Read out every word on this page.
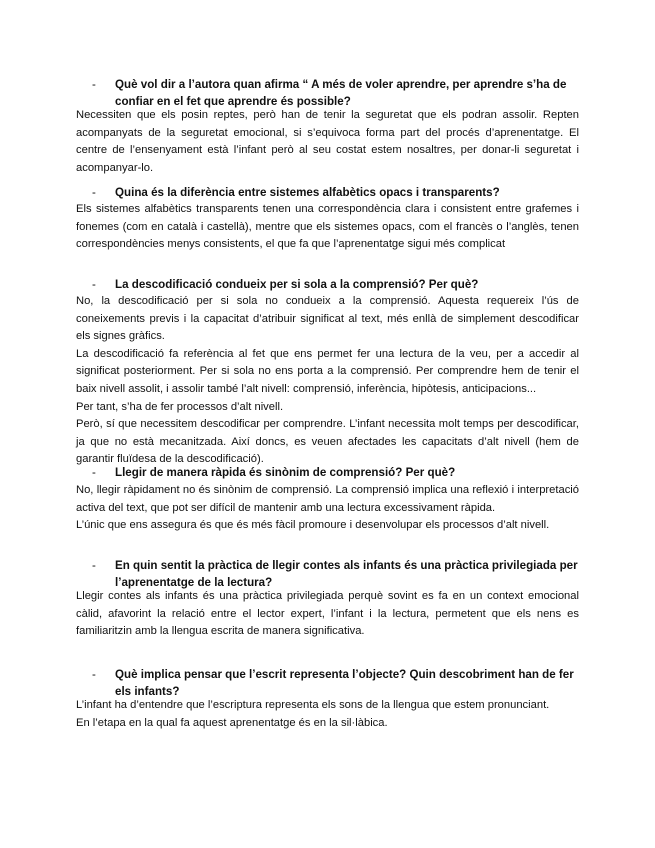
- Què vol dir a l’autora quan afirma “ A més de voler aprendre, per aprendre s’ha de confiar en el fet que aprendre és possible?
Necessiten que els posin reptes, però han de tenir la seguretat que els podran assolir. Repten acompanyats de la seguretat emocional, si s’equivoca forma part del procés d’aprenentatge. El centre de l’ensenyament està l’infant però al seu costat estem nosaltres, per donar-li seguretat i acompanyar-lo.
- Quina és la diferència entre sistemes alfabètics opacs i transparents?
Els sistemes alfabètics transparents tenen una correspondència clara i consistent entre grafemes i fonemes (com en català i castellà), mentre que els sistemes opacs, com el francès o l’anglès, tenen correspondències menys consistents, el que fa que l’aprenentatge sigui més complicat
- La descodificació condueix per si sola a la comprensió? Per què?
No, la descodificació per si sola no condueix a la comprensió. Aquesta requereix l’ús de coneixements previs i la capacitat d’atribuir significat al text, més enllà de simplement descodificar els signes gràfics.
La descodificació fa referència al fet que ens permet fer una lectura de la veu, per a accedir al significat posteriorment. Per si sola no ens porta a la comprensió. Per comprendre hem de tenir el baix nivell assolit, i assolir també l’alt nivell: comprensió, inferència, hipòtesis, anticipacions...
Per tant, s’ha de fer processos d’alt nivell.
Però, sí que necessitem descodificar per comprendre. L’infant necessita molt temps per descodificar, ja que no està mecanitzada. Així doncs, es veuen afectades les capacitats d’alt nivell (hem de garantir fluïdesa de la descodificació).
- Llegir de manera ràpida és sinònim de comprensió? Per què?
No, llegir ràpidament no és sinònim de comprensió. La comprensió implica una reflexió i interpretació activa del text, que pot ser difícil de mantenir amb una lectura excessivament ràpida.
L’únic que ens assegura és que és més fàcil promoure i desenvolupar els processos d’alt nivell.
- En quin sentit la pràctica de llegir contes als infants és una pràctica privilegiada per l’aprenentatge de la lectura?
Llegir contes als infants és una pràctica privilegiada perquè sovint es fa en un context emocional càlid, afavorint la relació entre el lector expert, l’infant i la lectura, permetent que els nens es familiaritzin amb la llengua escrita de manera significativa.
- Què implica pensar que l’escrit representa l’objecte? Quin descobriment han de fer els infants?
L’infant ha d’entendre que l’escriptura representa els sons de la llengua que estem pronunciant.
En l’etapa en la qual fa aquest aprenentatge és en la sil·làbica.
